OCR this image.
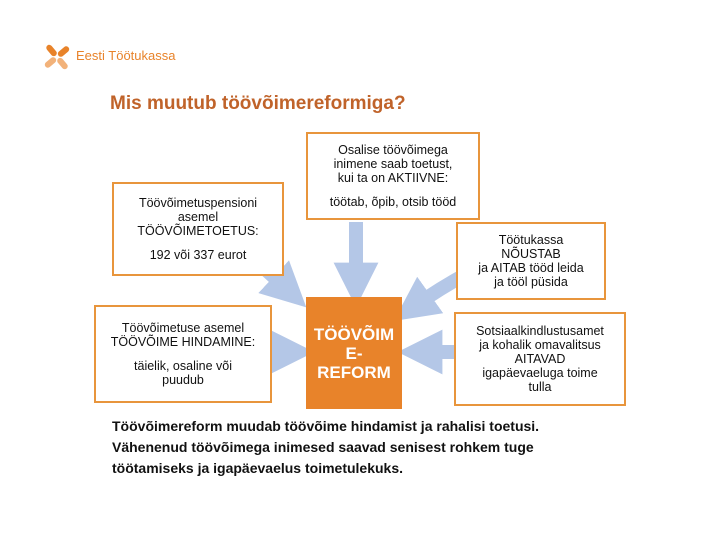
Eesti Töötukassa
Mis muutub töövõimereformiga?
Töövõimetuspensioni
asemel
TÖÖVÕIMETOETUS:
192 või 337 eurot
Osalise töövõimega
inimene saab toetust,
kui ta on AKTIIVNE:
töötab, õpib, otsib tööd
Töötukassa
NÕUSTAB
ja AITAB tööd leida
ja tööl püsida
Töövõimetuse asemel
TÖÖVÕIME HINDAMINE:
täielik, osaline või
puudub
TÖÖVÕIM
E-
REFORM
Sotsiaalkindlustusamet
ja kohalik omavalitsus
AITAVAD
igapäevaeluga toime
tulla
Töövõimereform muudab töövõime hindamist ja rahalisi toetusi.
Vähenenud töövõimega inimesed saavad senisest rohkem tuge
töötamiseks ja igapäevaelus toimetulekuks.
